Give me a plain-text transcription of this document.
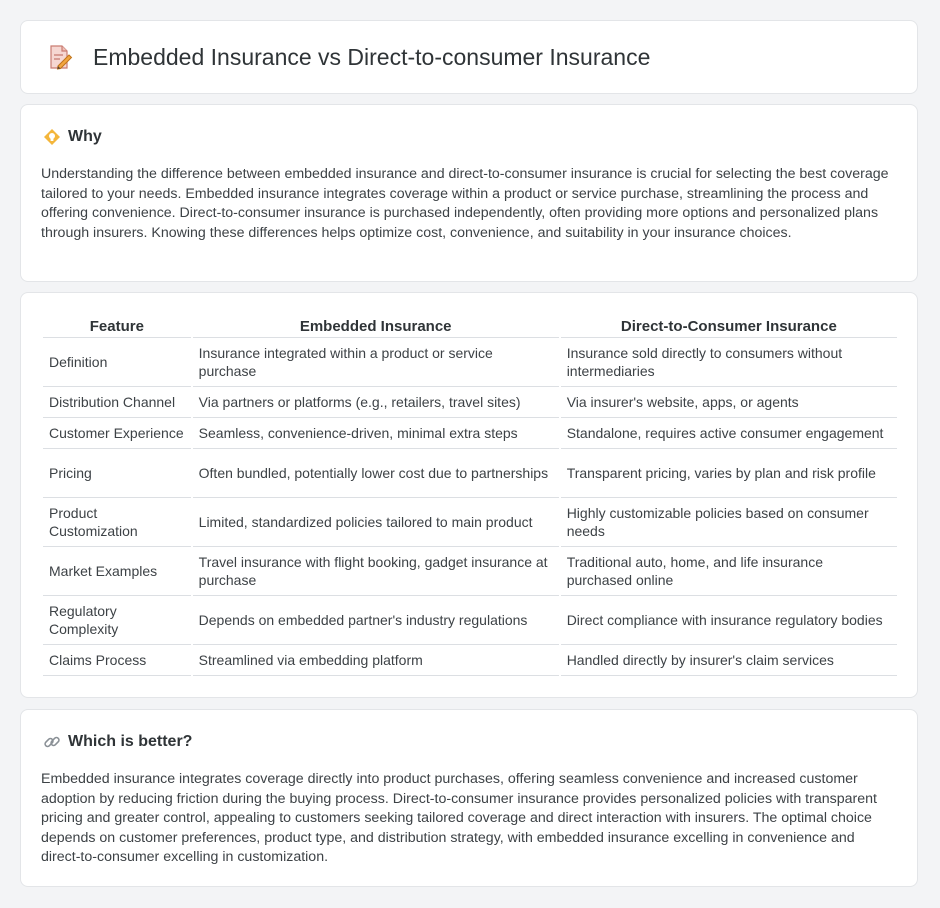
Embedded Insurance vs Direct-to-consumer Insurance
Why
Understanding the difference between embedded insurance and direct-to-consumer insurance is crucial for selecting the best coverage tailored to your needs. Embedded insurance integrates coverage within a product or service purchase, streamlining the process and offering convenience. Direct-to-consumer insurance is purchased independently, often providing more options and personalized plans through insurers. Knowing these differences helps optimize cost, convenience, and suitability in your insurance choices.
Feature	Embedded Insurance	Direct-to-Consumer Insurance
Definition	Insurance integrated within a product or service purchase	Insurance sold directly to consumers without intermediaries
Distribution Channel	Via partners or platforms (e.g., retailers, travel sites)	Via insurer's website, apps, or agents
Customer Experience	Seamless, convenience-driven, minimal extra steps	Standalone, requires active consumer engagement
Pricing	Often bundled, potentially lower cost due to partnerships	Transparent pricing, varies by plan and risk profile
Product Customization	Limited, standardized policies tailored to main product	Highly customizable policies based on consumer needs
Market Examples	Travel insurance with flight booking, gadget insurance at purchase	Traditional auto, home, and life insurance purchased online
Regulatory Complexity	Depends on embedded partner's industry regulations	Direct compliance with insurance regulatory bodies
Claims Process	Streamlined via embedding platform	Handled directly by insurer's claim services
Which is better?
Embedded insurance integrates coverage directly into product purchases, offering seamless convenience and increased customer adoption by reducing friction during the buying process. Direct-to-consumer insurance provides personalized policies with transparent pricing and greater control, appealing to customers seeking tailored coverage and direct interaction with insurers. The optimal choice depends on customer preferences, product type, and distribution strategy, with embedded insurance excelling in convenience and direct-to-consumer excelling in customization.
